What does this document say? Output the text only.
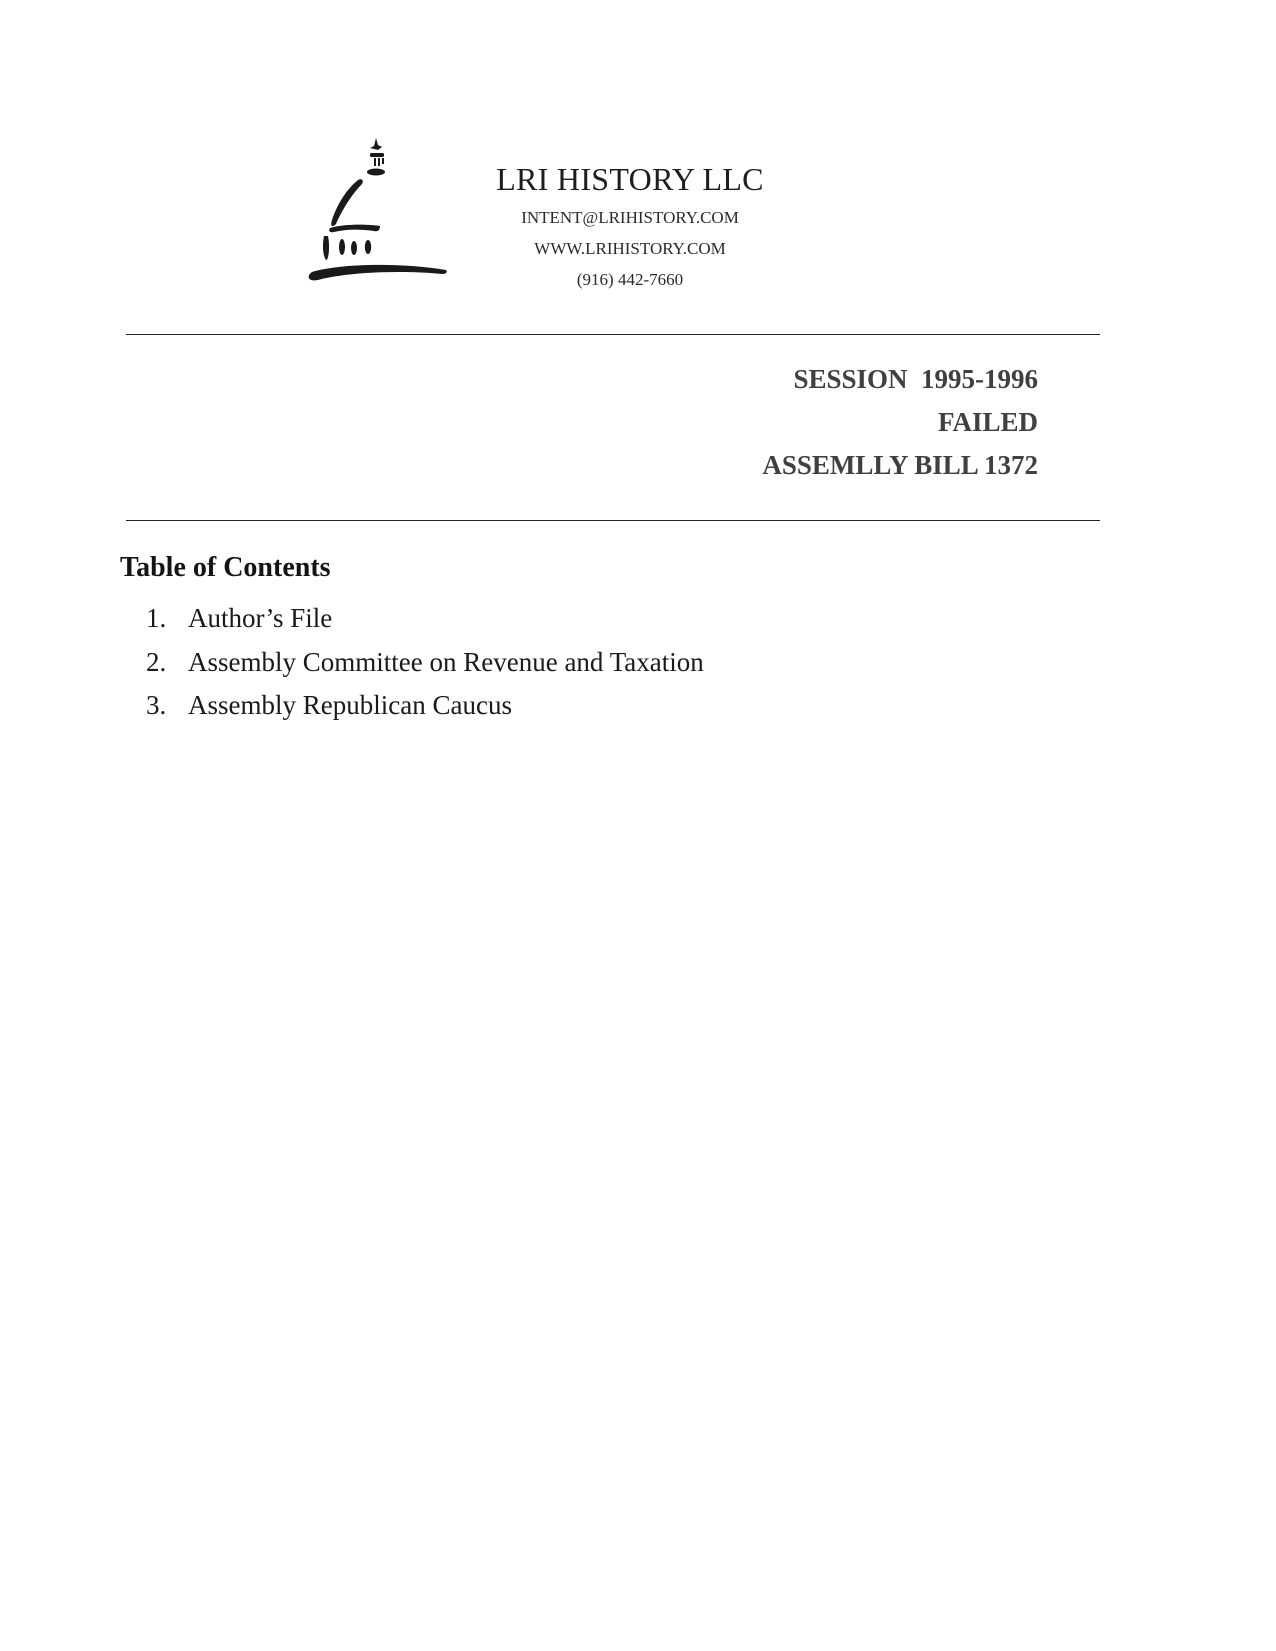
LRI HISTORY LLC
INTENT@LRIHISTORY.COM
WWW.LRIHISTORY.COM
(916) 442-7660
SESSION  1995-1996
FAILED
ASSEMLLY BILL 1372
Table of Contents
1. Author’s File
2. Assembly Committee on Revenue and Taxation
3. Assembly Republican Caucus
